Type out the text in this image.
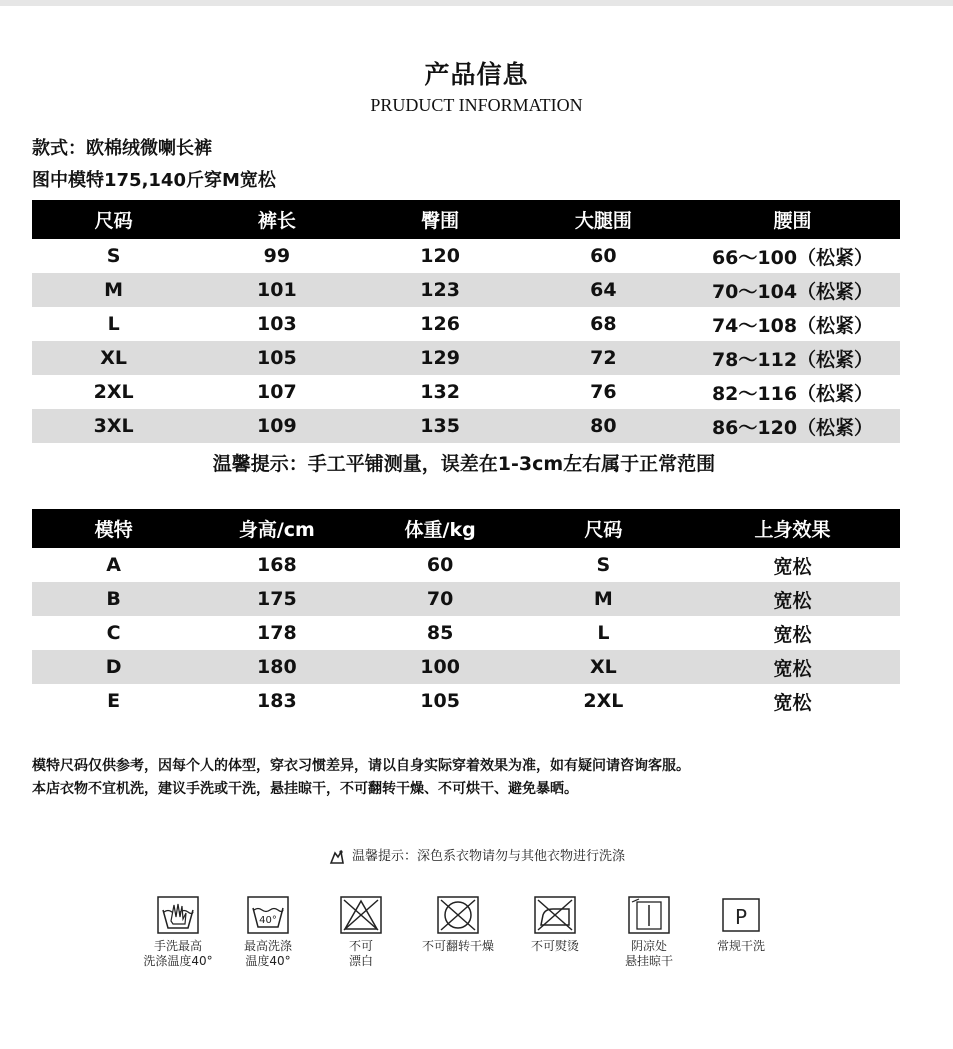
产品信息
PRUDUCT INFORMATION
款式：欧棉绒微喇长裤
图中模特175,140斤穿M宽松
尺码	裤长	臀围	大腿围	腰围
S	99	120	60	66～100（松紧）
M	101	123	64	70～104（松紧）
L	103	126	68	74～108（松紧）
XL	105	129	72	78～112（松紧）
2XL	107	132	76	82～116（松紧）
3XL	109	135	80	86～120（松紧）
温馨提示：手工平铺测量，误差在1-3cm左右属于正常范围
模特	身高/cm	体重/kg	尺码	上身效果
A	168	60	S	宽松
B	175	70	M	宽松
C	178	85	L	宽松
D	180	100	XL	宽松
E	183	105	2XL	宽松
模特尺码仅供参考，因每个人的体型，穿衣习惯差异，请以自身实际穿着效果为准，如有疑问请咨询客服。
本店衣物不宜机洗，建议手洗或干洗，悬挂晾干，不可翻转干燥、不可烘干、避免暴晒。
温馨提示：深色系衣物请勿与其他衣物进行洗涤
手洗最高
洗涤温度40°
40°
最高洗涤
温度40°
不可
漂白
不可翻转干燥	不可熨烫	阴凉处
悬挂晾干
P
常规干洗
